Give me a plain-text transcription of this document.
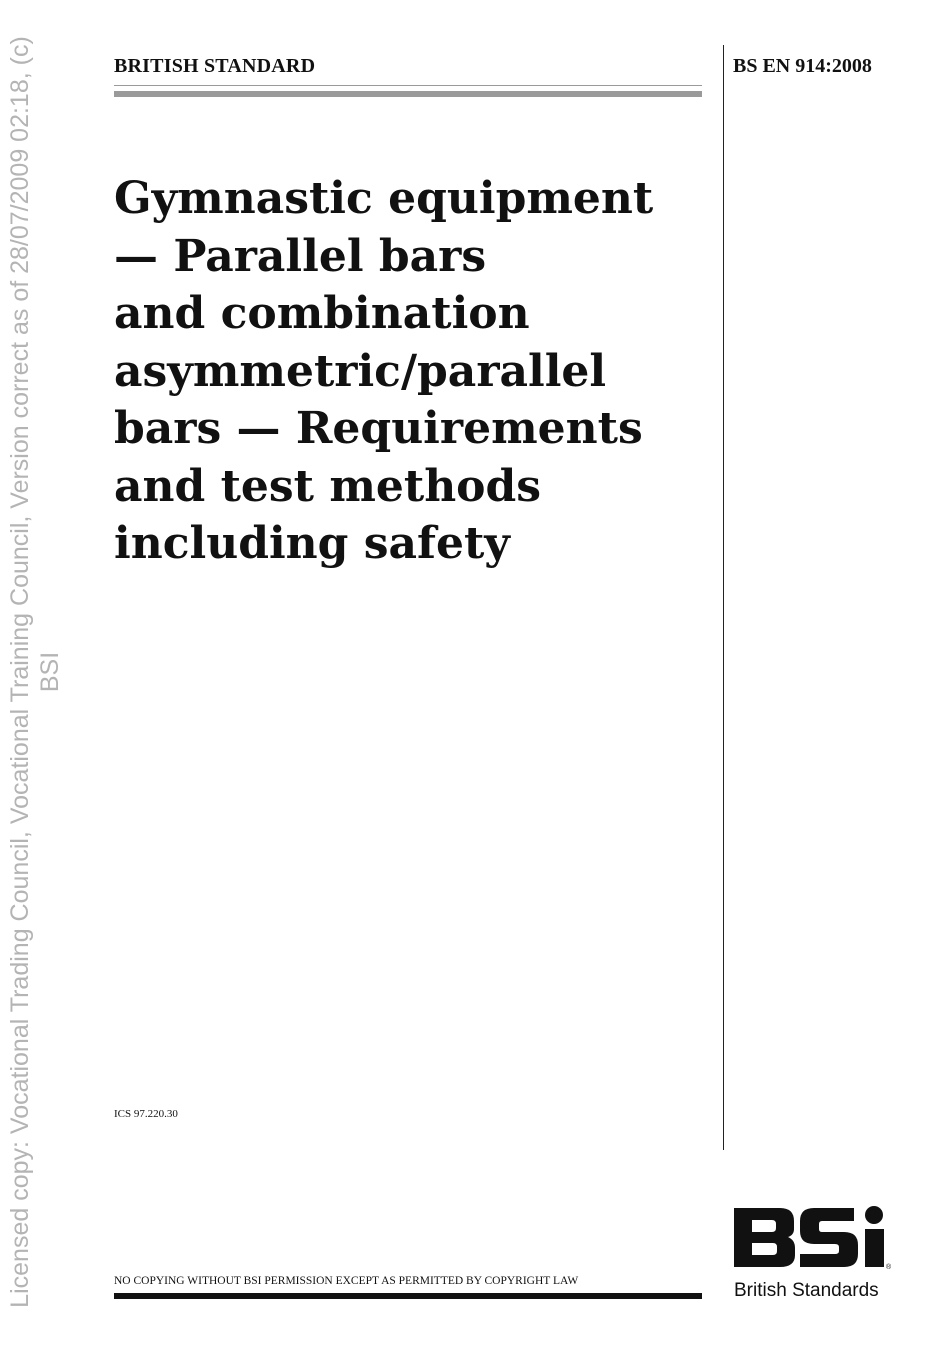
Licensed copy: Vocational Trading Council, Vocational Training Council, Version correct as of 28/07/2009 02:18, (c) BSI
BRITISH STANDARD	BS EN 914:2008
Gymnastic equipment
— Parallel bars
and combination
asymmetric/parallel
bars — Requirements
and test methods
including safety
ICS 97.220.30
NO COPYING WITHOUT BSI PERMISSION EXCEPT AS PERMITTED BY COPYRIGHT LAW
®
British Standards
